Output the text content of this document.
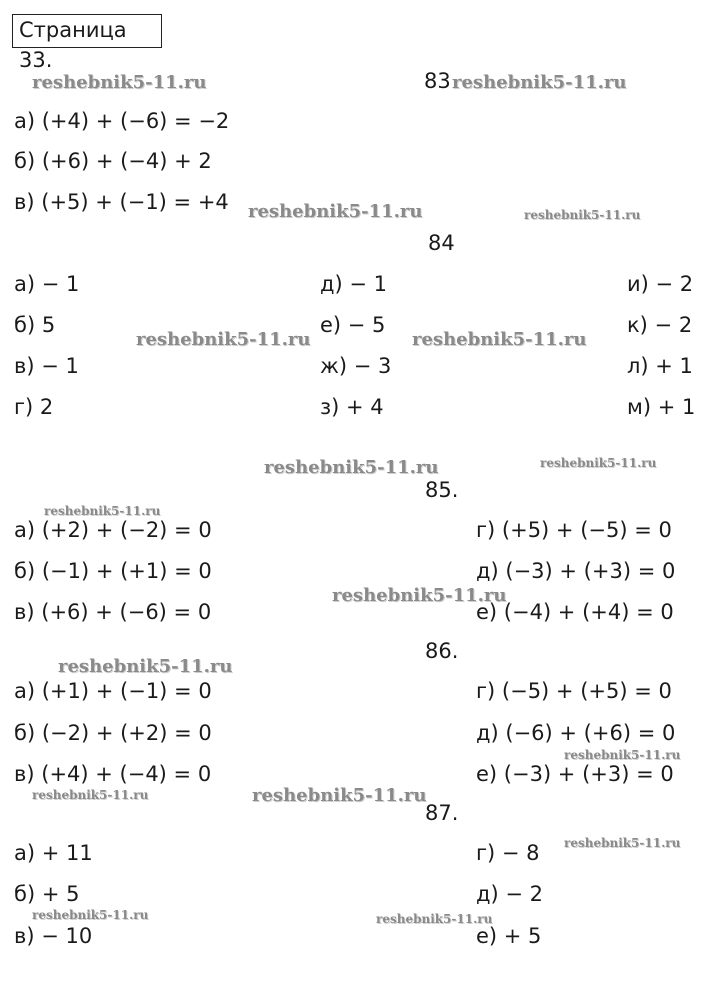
Страница 33.
83
а) (+4) + (−6) = −2
б) (+6) + (−4) + 2
в) (+5) + (−1) = +4
84
а) − 1
б) 5
в) − 1
г) 2
д) − 1
е) − 5
ж) − 3
з) + 4
и) − 2
к) − 2
л) + 1
м) + 1
85.
а) (+2) + (−2) = 0
б) (−1) + (+1) = 0
в) (+6) + (−6) = 0
г) (+5) + (−5) = 0
д) (−3) + (+3) = 0
е) (−4) + (+4) = 0
86.
а) (+1) + (−1) = 0
б) (−2) + (+2) = 0
в) (+4) + (−4) = 0
г) (−5) + (+5) = 0
д) (−6) + (+6) = 0
е) (−3) + (+3) = 0
87.
а) + 11
б) + 5
в) − 10
г) − 8
д) − 2
е) + 5
reshebnik5-11.ru	reshebnik5-11.ru
reshebnik5-11.ru	reshebnik5-11.ru
reshebnik5-11.ru	reshebnik5-11.ru
reshebnik5-11.ru	reshebnik5-11.ru
reshebnik5-11.ru
reshebnik5-11.ru
reshebnik5-11.ru
reshebnik5-11.ru
reshebnik5-11.ru	reshebnik5-11.ru
reshebnik5-11.ru
reshebnik5-11.ru	reshebnik5-11.ru
